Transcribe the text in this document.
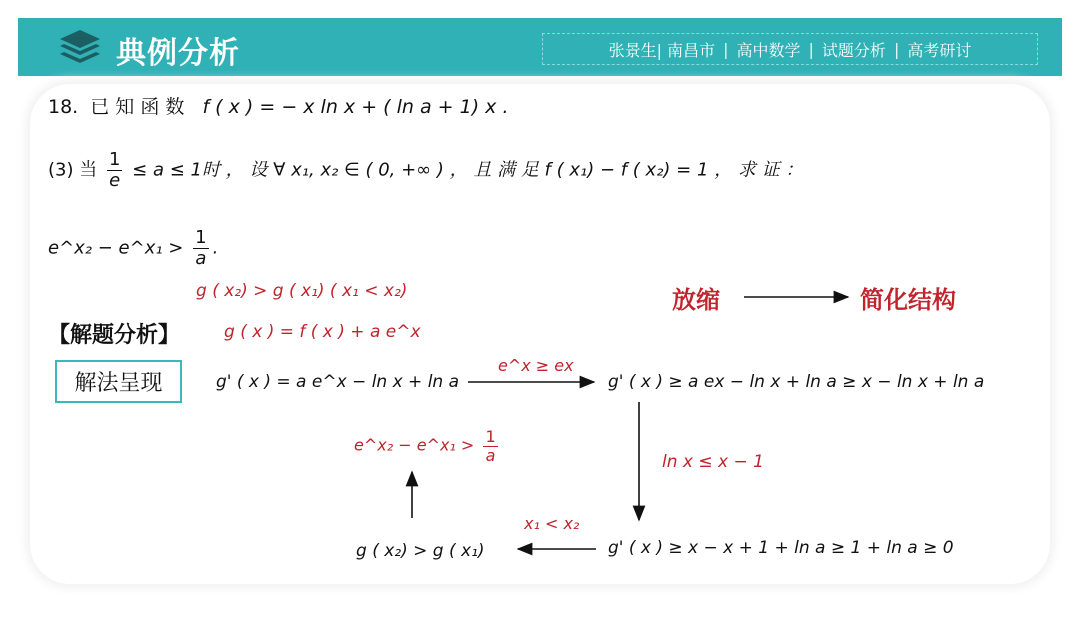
典例分析	张景生| 南昌市 | 高中数学 | 试题分析 | 高考研讨
18. 已 知 函 数 f ( x ) = − x ln x + ( ln a + 1) x .
(3) 当 $\frac{1}{e} \le a \le 1$时 ， 设 ∀ x₁, x₂ ∈ ( 0, +∞ ) ， 且 满 足 f ( x₁) − f ( x₂) = 1 ， 求 证 ：
e^x₂ − e^x₁ > $\frac{1}{a}$ .
g ( x₂) > g ( x₁) ( x₁ < x₂)
【解题分析】	g ( x ) = f ( x ) + a e^x
放缩	简化结构
解法呈现	g' ( x ) = a e^x − ln x + ln a
e^x ≥ ex
g' ( x ) ≥ a ex − ln x + ln a ≥ x − ln x + ln a
ln x ≤ x − 1
e^x₂ − e^x₁ > $\frac{1}{a}$
x₁ < x₂
g ( x₂) > g ( x₁)	g' ( x ) ≥ x − x + 1 + ln a ≥ 1 + ln a ≥ 0
